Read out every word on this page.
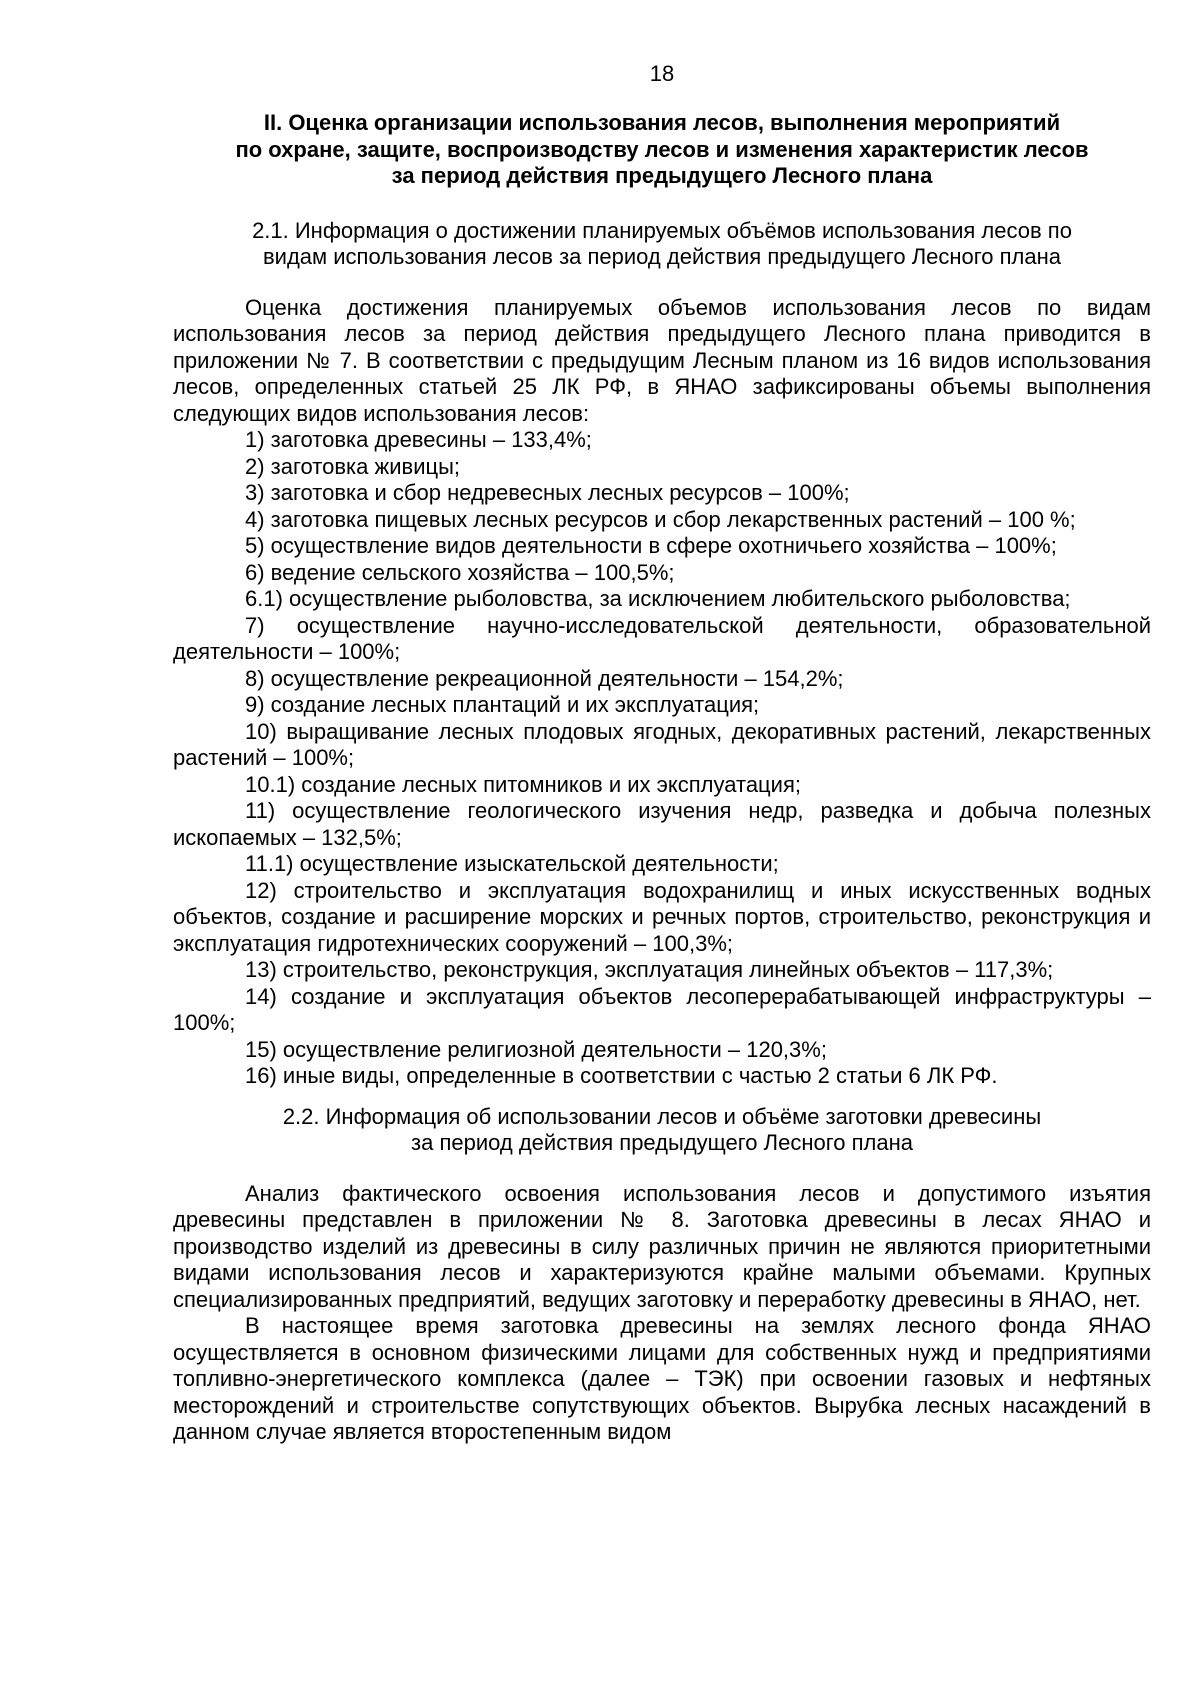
18
II. Оценка организации использования лесов, выполнения мероприятий
по охране, защите, воспроизводству лесов и изменения характеристик лесов
за период действия предыдущего Лесного плана
2.1. Информация о достижении планируемых объёмов использования лесов по
видам использования лесов за период действия предыдущего Лесного плана

Оценка достижения планируемых объемов использования лесов по видам использования лесов за период действия предыдущего Лесного плана приводится в приложении № 7. В соответствии с предыдущим Лесным планом из 16 видов использования лесов, определенных статьей 25 ЛК РФ, в ЯНАО зафиксированы объемы выполнения следующих видов использования лесов:

1) заготовка древесины – 133,4%;
2) заготовка живицы;
3) заготовка и сбор недревесных лесных ресурсов – 100%;
4) заготовка пищевых лесных ресурсов и сбор лекарственных растений – 100 %;
5) осуществление видов деятельности в сфере охотничьего хозяйства – 100%;
6) ведение сельского хозяйства – 100,5%;
6.1) осуществление рыболовства, за исключением любительского рыболовства;
7) осуществление научно-исследовательской деятельности, образовательной деятельности – 100%;
8) осуществление рекреационной деятельности – 154,2%;
9) создание лесных плантаций и их эксплуатация;
10) выращивание лесных плодовых ягодных, декоративных растений, лекарственных растений – 100%;
10.1) создание лесных питомников и их эксплуатация;
11) осуществление геологического изучения недр, разведка и добыча полезных ископаемых – 132,5%;
11.1) осуществление изыскательской деятельности;
12) строительство и эксплуатация водохранилищ и иных искусственных водных объектов, создание и расширение морских и речных портов, строительство, реконструкция и эксплуатация гидротехнических сооружений – 100,3%;
13) строительство, реконструкция, эксплуатация линейных объектов – 117,3%;
14) создание и эксплуатация объектов лесоперерабатывающей инфраструктуры – 100%;
15) осуществление религиозной деятельности – 120,3%;
16) иные виды, определенные в соответствии с частью 2 статьи 6 ЛК РФ.
2.2. Информация об использовании лесов и объёме заготовки древесины
за период действия предыдущего Лесного плана

Анализ фактического освоения использования лесов и допустимого изъятия древесины представлен в приложении № 8. Заготовка древесины в лесах ЯНАО и производство изделий из древесины в силу различных причин не являются приоритетными видами использования лесов и характеризуются крайне малыми объемами. Крупных специализированных предприятий, ведущих заготовку и переработку древесины в ЯНАО, нет.

В настоящее время заготовка древесины на землях лесного фонда ЯНАО осуществляется в основном физическими лицами для собственных нужд и предприятиями топливно-энергетического комплекса (далее – ТЭК) при освоении газовых и нефтяных месторождений и строительстве сопутствующих объектов. Вырубка лесных насаждений в данном случае является второстепенным видом
